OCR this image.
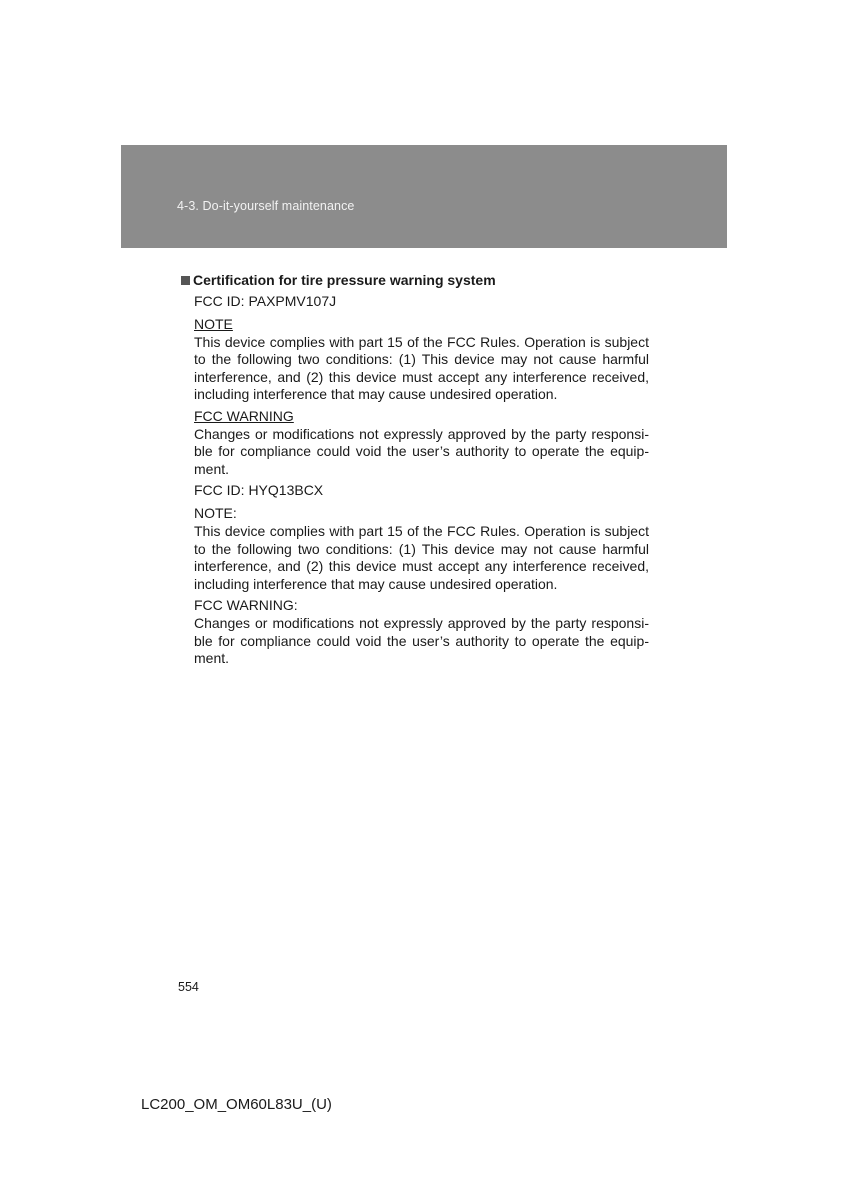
4-3. Do-it-yourself maintenance
Certification for tire pressure warning system
FCC ID: PAXPMV107J
NOTE
This device complies with part 15 of the FCC Rules. Operation is subject to the following two conditions: (1) This device may not cause harmful interference, and (2) this device must accept any interference received, including interference that may cause undesired operation.
FCC WARNING
Changes or modifications not expressly approved by the party responsible for compliance could void the user’s authority to operate the equipment.
FCC ID: HYQ13BCX
NOTE:
This device complies with part 15 of the FCC Rules. Operation is subject to the following two conditions: (1) This device may not cause harmful interference, and (2) this device must accept any interference received, including interference that may cause undesired operation.
FCC WARNING:
Changes or modifications not expressly approved by the party responsible for compliance could void the user’s authority to operate the equipment.
554
LC200_OM_OM60L83U_(U)
